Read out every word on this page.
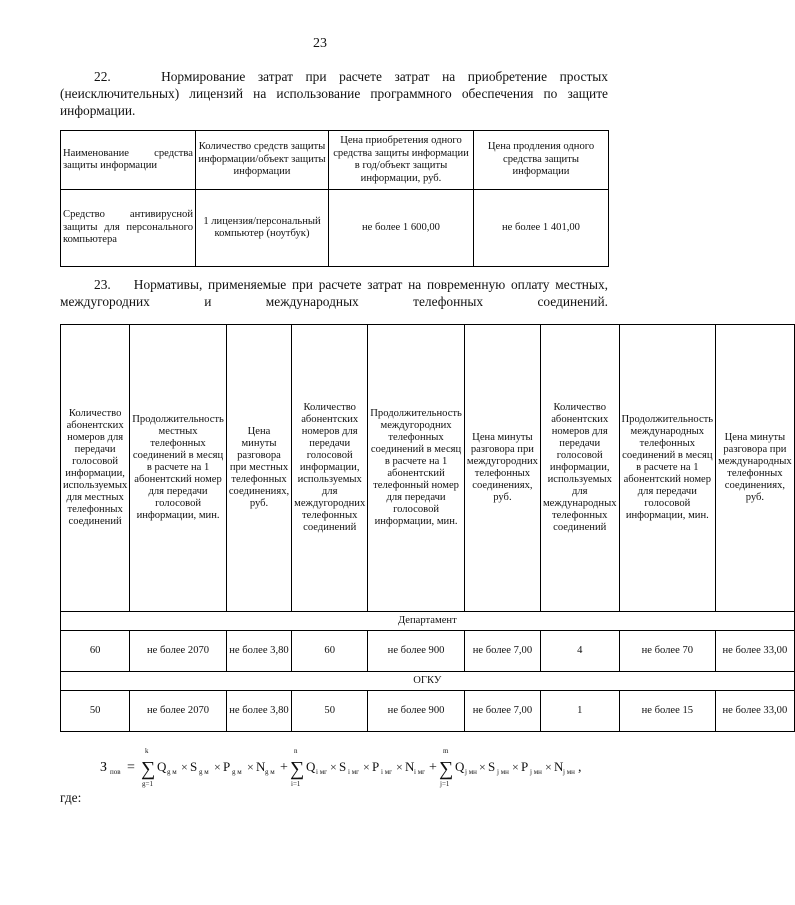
23
22.	Нормирование затрат при расчете затрат на приобретение простых (неисключительных) лицензий на использование программного обеспечения по защите информации.
Наименование средства защиты информации	Количество средств защиты информации/объект защиты информации	Цена приобретения одного средства защиты информации в год/объект защиты информации, руб.	Цена продления одного средства защиты информации
Средство антивирусной защиты для персонального компьютера	1 лицензия/персональный компьютер (ноутбук)	не более 1 600,00	не более 1 401,00
23. Нормативы, применяемые при расчете затрат на повременную оплату местных, междугородних и международных телефонных соединений.
Количество абонентских номеров для передачи голосовой информации, используемых для местных телефонных соединений	Продолжительность местных телефонных соединений в месяц в расчете на 1 абонентский номер для передачи голосовой информации, мин.	Цена минуты разговора при местных телефонных соединениях, руб.	Количество абонентских номеров для передачи голосовой информации, используемых для междугородних телефонных соединений	Продолжительность междугородних телефонных соединений в месяц в расчете на 1 абонентский телефонный номер для передачи голосовой информации, мин.	Цена минуты разговора при междугородних телефонных соединениях, руб.	Количество абонентских номеров для передачи голосовой информации, используемых для международных телефонных соединений	Продолжительность международных телефонных соединений в месяц в расчете на 1 абонентский номер для передачи голосовой информации, мин.	Цена минуты разговора при международных телефонных соединениях, руб.
Департамент								
60	не более 2070	не более 3,80	60	не более 900	не более 7,00	4	не более 70	не более 33,00
ОГКУ								
50	не более 2070	не более 3,80	50	не более 900	не более 7,00	1	не более 15	не более 33,00
З пов =
k
∑
g=1
Q g м × S g м × P g м × N g м +
n
∑
i=1
Q i мг × S i мг × P i мг × N i мг +
m
∑
j=1
Q j мн × S j мн × P j мн × N j мн ,
где:
